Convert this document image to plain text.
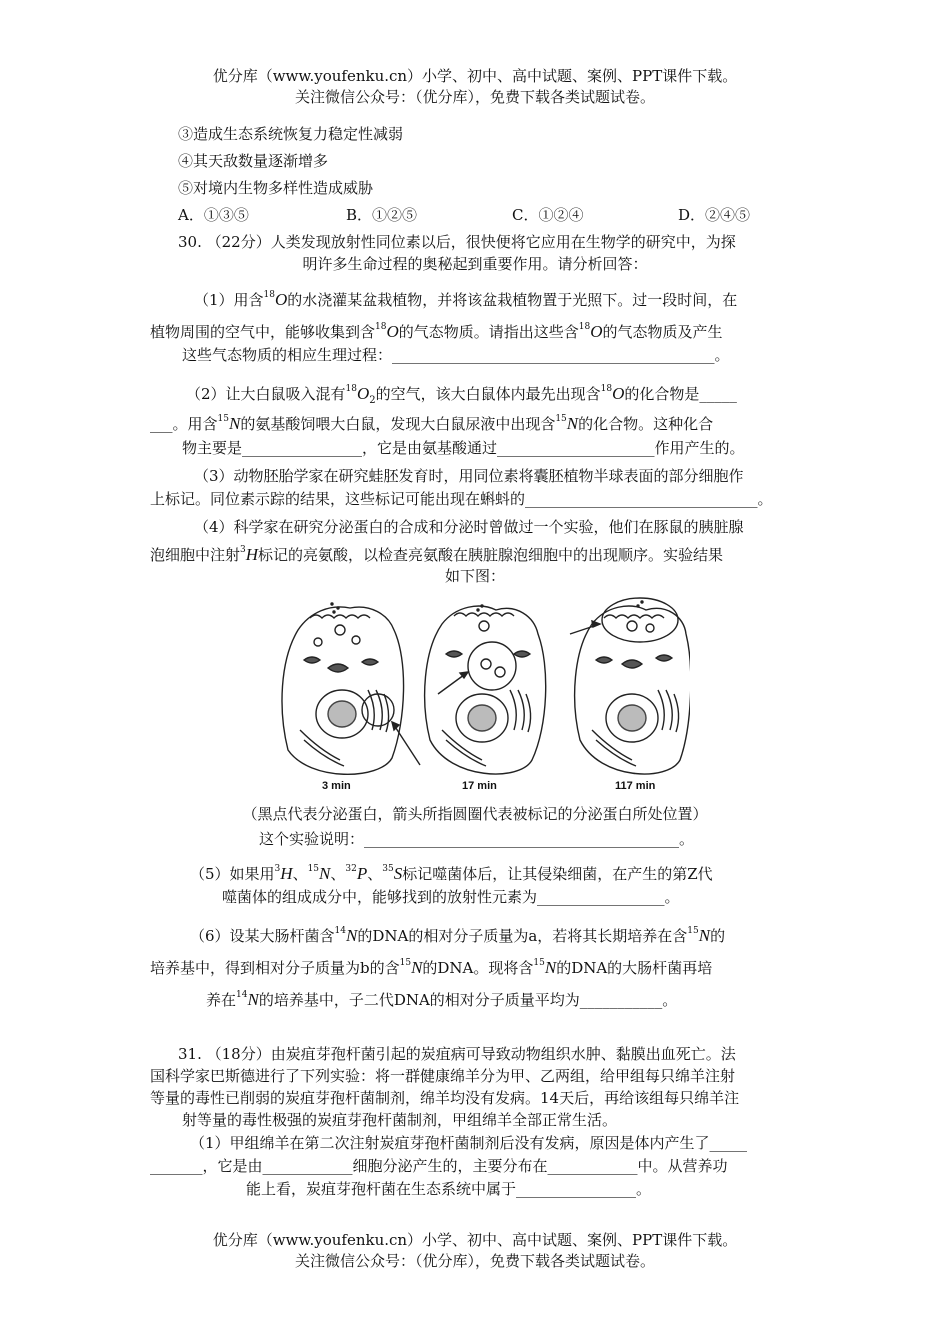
优分库（www.youfenku.cn）小学、初中、高中试题、案例、PPT课件下载。
关注微信公众号：（优分库），免费下载各类试题试卷。
③造成生态系统恢复力稳定性减弱
④其天敌数量逐渐增多
⑤对境内生物多样性造成威胁
A．①③⑤	B．①②⑤	C．①②④	D．②④⑤
30. （22分）人类发现放射性同位素以后，很快便将它应用在生物学的研究中，为探
明许多生命过程的奥秘起到重要作用。请分析回答：
（1）用含$^{18}$O的水浇灌某盆栽植物，并将该盆栽植物置于光照下。过一段时间，在
植物周围的空气中，能够收集到含$^{18}$O的气态物质。请指出这些含$^{18}$O的气态物质及产生
这些气态物质的相应生理过程：___________________________________________。
（2）让大白鼠吸入混有$^{18}O_2$的空气，该大白鼠体内最先出现含$^{18}$O的化合物是_____
___。用含$^{15}$N的氨基酸饲喂大白鼠，发现大白鼠尿液中出现含$^{15}$N的化合物。这种化合
物主要是________________，它是由氨基酸通过_____________________作用产生的。
（3）动物胚胎学家在研究蛙胚发育时，用同位素将囊胚植物半球表面的部分细胞作
上标记。同位素示踪的结果，这些标记可能出现在蝌蚪的_______________________________。
（4）科学家在研究分泌蛋白的合成和分泌时曾做过一个实验，他们在豚鼠的胰脏腺
泡细胞中注射$^3$H标记的亮氨酸，以检查亮氨酸在胰脏腺泡细胞中的出现顺序。实验结果
如下图：
3 min	17 min	117 min
（黑点代表分泌蛋白，箭头所指圆圈代表被标记的分泌蛋白所处位置）
这个实验说明：__________________________________________。
（5）如果用$^3$H、$^{15}$N、$^{32}$P、$^{35}$S标记噬菌体后，让其侵染细菌，在产生的第Z代
噬菌体的组成成分中，能够找到的放射性元素为_________________。
（6）设某大肠杆菌含$^{14}$N的DNA的相对分子质量为a，若将其长期培养在含$^{15}$N的
培养基中，得到相对分子质量为b的含$^{15}$N的DNA。现将含$^{15}$N的DNA的大肠杆菌再培
养在$^{14}$N的培养基中，子二代DNA的相对分子质量平均为___________。
31. （18分）由炭疽芽孢杆菌引起的炭疽病可导致动物组织水肿、黏膜出血死亡。法
国科学家巴斯德进行了下列实验：将一群健康绵羊分为甲、乙两组，给甲组每只绵羊注射
等量的毒性已削弱的炭疽芽孢杆菌制剂，绵羊均没有发病。14天后，再给该组每只绵羊注
射等量的毒性极强的炭疽芽孢杆菌制剂，甲组绵羊全部正常生活。
（1）甲组绵羊在第二次注射炭疽芽孢杆菌制剂后没有发病，原因是体内产生了_____
_______，它是由____________细胞分泌产生的，主要分布在____________中。从营养功
能上看，炭疽芽孢杆菌在生态系统中属于________________。
优分库（www.youfenku.cn）小学、初中、高中试题、案例、PPT课件下载。
关注微信公众号：（优分库），免费下载各类试题试卷。
